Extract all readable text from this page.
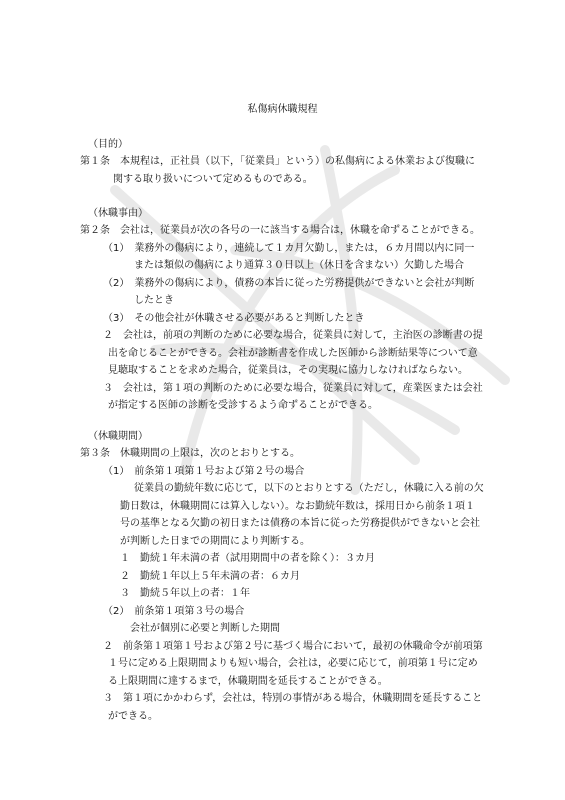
私傷病休職規程
（目的）
第１条　本規程は，正社員（以下，「従業員」という）の私傷病による休業および復職に
関する取り扱いについて定めるものである。
（休職事由）
第２条　会社は，従業員が次の各号の一に該当する場合は，休職を命ずることができる。
（1）　業務外の傷病により，連続して１カ月欠勤し，または，６カ月間以内に同一
または類似の傷病により通算３０日以上（休日を含まない）欠勤した場合
（2）　業務外の傷病により，債務の本旨に従った労務提供ができないと会社が判断
したとき
（3）　その他会社が休職させる必要があると判断したとき
２　会社は，前項の判断のために必要な場合，従業員に対して，主治医の診断書の提
出を命じることができる。会社が診断書を作成した医師から診断結果等について意
見聴取することを求めた場合，従業員は，その実現に協力しなければならない。
３　会社は，第１項の判断のために必要な場合，従業員に対して，産業医または会社
が指定する医師の診断を受診するよう命ずることができる。
（休職期間）
第３条　休職期間の上限は，次のとおりとする。
（1）　前条第１項第１号および第２号の場合
従業員の勤続年数に応じて，以下のとおりとする（ただし，休職に入る前の欠
勤日数は，休職期間には算入しない）。なお勤続年数は，採用日から前条１項１
号の基準となる欠勤の初日または債務の本旨に従った労務提供ができないと会社
が判断した日までの期間により判断する。
１　勤続１年未満の者（試用期間中の者を除く）：３カ月
２　勤続１年以上５年未満の者：６カ月
３　勤続５年以上の者：１年
（2）　前条第１項第３号の場合
会社が個別に必要と判断した期間
２　前条第１項第１号および第２号に基づく場合において，最初の休職命令が前項第
１号に定める上限期間よりも短い場合，会社は，必要に応じて，前項第１号に定め
る上限期間に達するまで，休職期間を延長することができる。
３　第１項にかかわらず，会社は，特別の事情がある場合，休職期間を延長すること
ができる。
